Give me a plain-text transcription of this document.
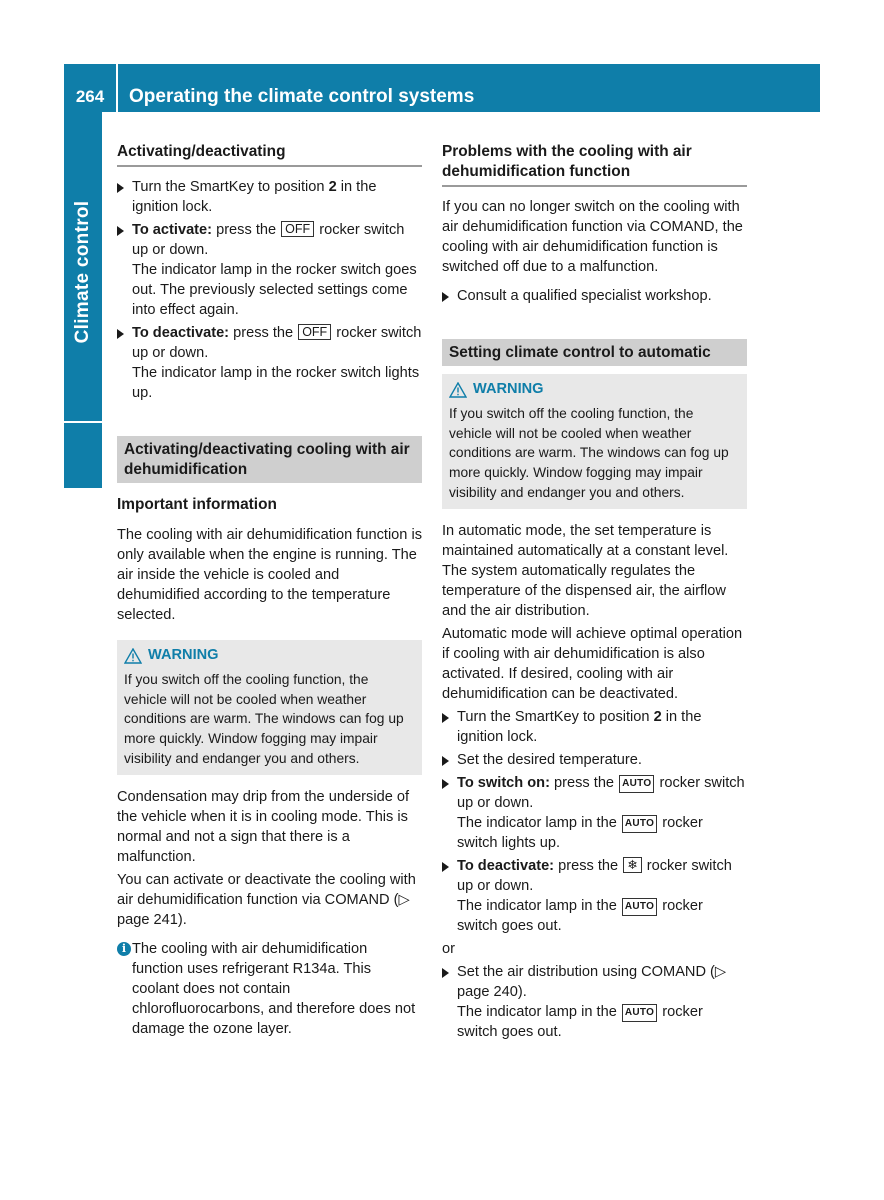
264	Operating the climate control systems
Climate control
Activating/deactivating
Turn the SmartKey to position 2 in the ignition lock.
To activate: press the OFF rocker switch up or down.
The indicator lamp in the rocker switch goes out. The previously selected settings come into effect again.
To deactivate: press the OFF rocker switch up or down.
The indicator lamp in the rocker switch lights up.
Activating/deactivating cooling with air dehumidification
Important information

The cooling with air dehumidification function is only available when the engine is running. The air inside the vehicle is cooled and dehumidified according to the temperature selected.

WARNING
If you switch off the cooling function, the vehicle will not be cooled when weather conditions are warm. The windows can fog up more quickly. Window fogging may impair visibility and endanger you and others.

Condensation may drip from the underside of the vehicle when it is in cooling mode. This is normal and not a sign that there is a malfunction.

You can activate or deactivate the cooling with air dehumidification function via COMAND (▷ page 241).

i The cooling with air dehumidification function uses refrigerant R134a. This coolant does not contain chlorofluorocarbons, and therefore does not damage the ozone layer.
Problems with the cooling with air dehumidification function

If you can no longer switch on the cooling with air dehumidification function via COMAND, the cooling with air dehumidification function is switched off due to a malfunction.

Consult a qualified specialist workshop.
Setting climate control to automatic
WARNING
If you switch off the cooling function, the vehicle will not be cooled when weather conditions are warm. The windows can fog up more quickly. Window fogging may impair visibility and endanger you and others.

In automatic mode, the set temperature is maintained automatically at a constant level. The system automatically regulates the temperature of the dispensed air, the airflow and the air distribution.

Automatic mode will achieve optimal operation if cooling with air dehumidification is also activated. If desired, cooling with air dehumidification can be deactivated.

Turn the SmartKey to position 2 in the ignition lock.
Set the desired temperature.
To switch on: press the AUTO rocker switch up or down.
The indicator lamp in the AUTO rocker switch lights up.
To deactivate: press the ❄ rocker switch up or down.
The indicator lamp in the AUTO rocker switch goes out.

or

Set the air distribution using COMAND (▷ page 240).
The indicator lamp in the AUTO rocker switch goes out.
